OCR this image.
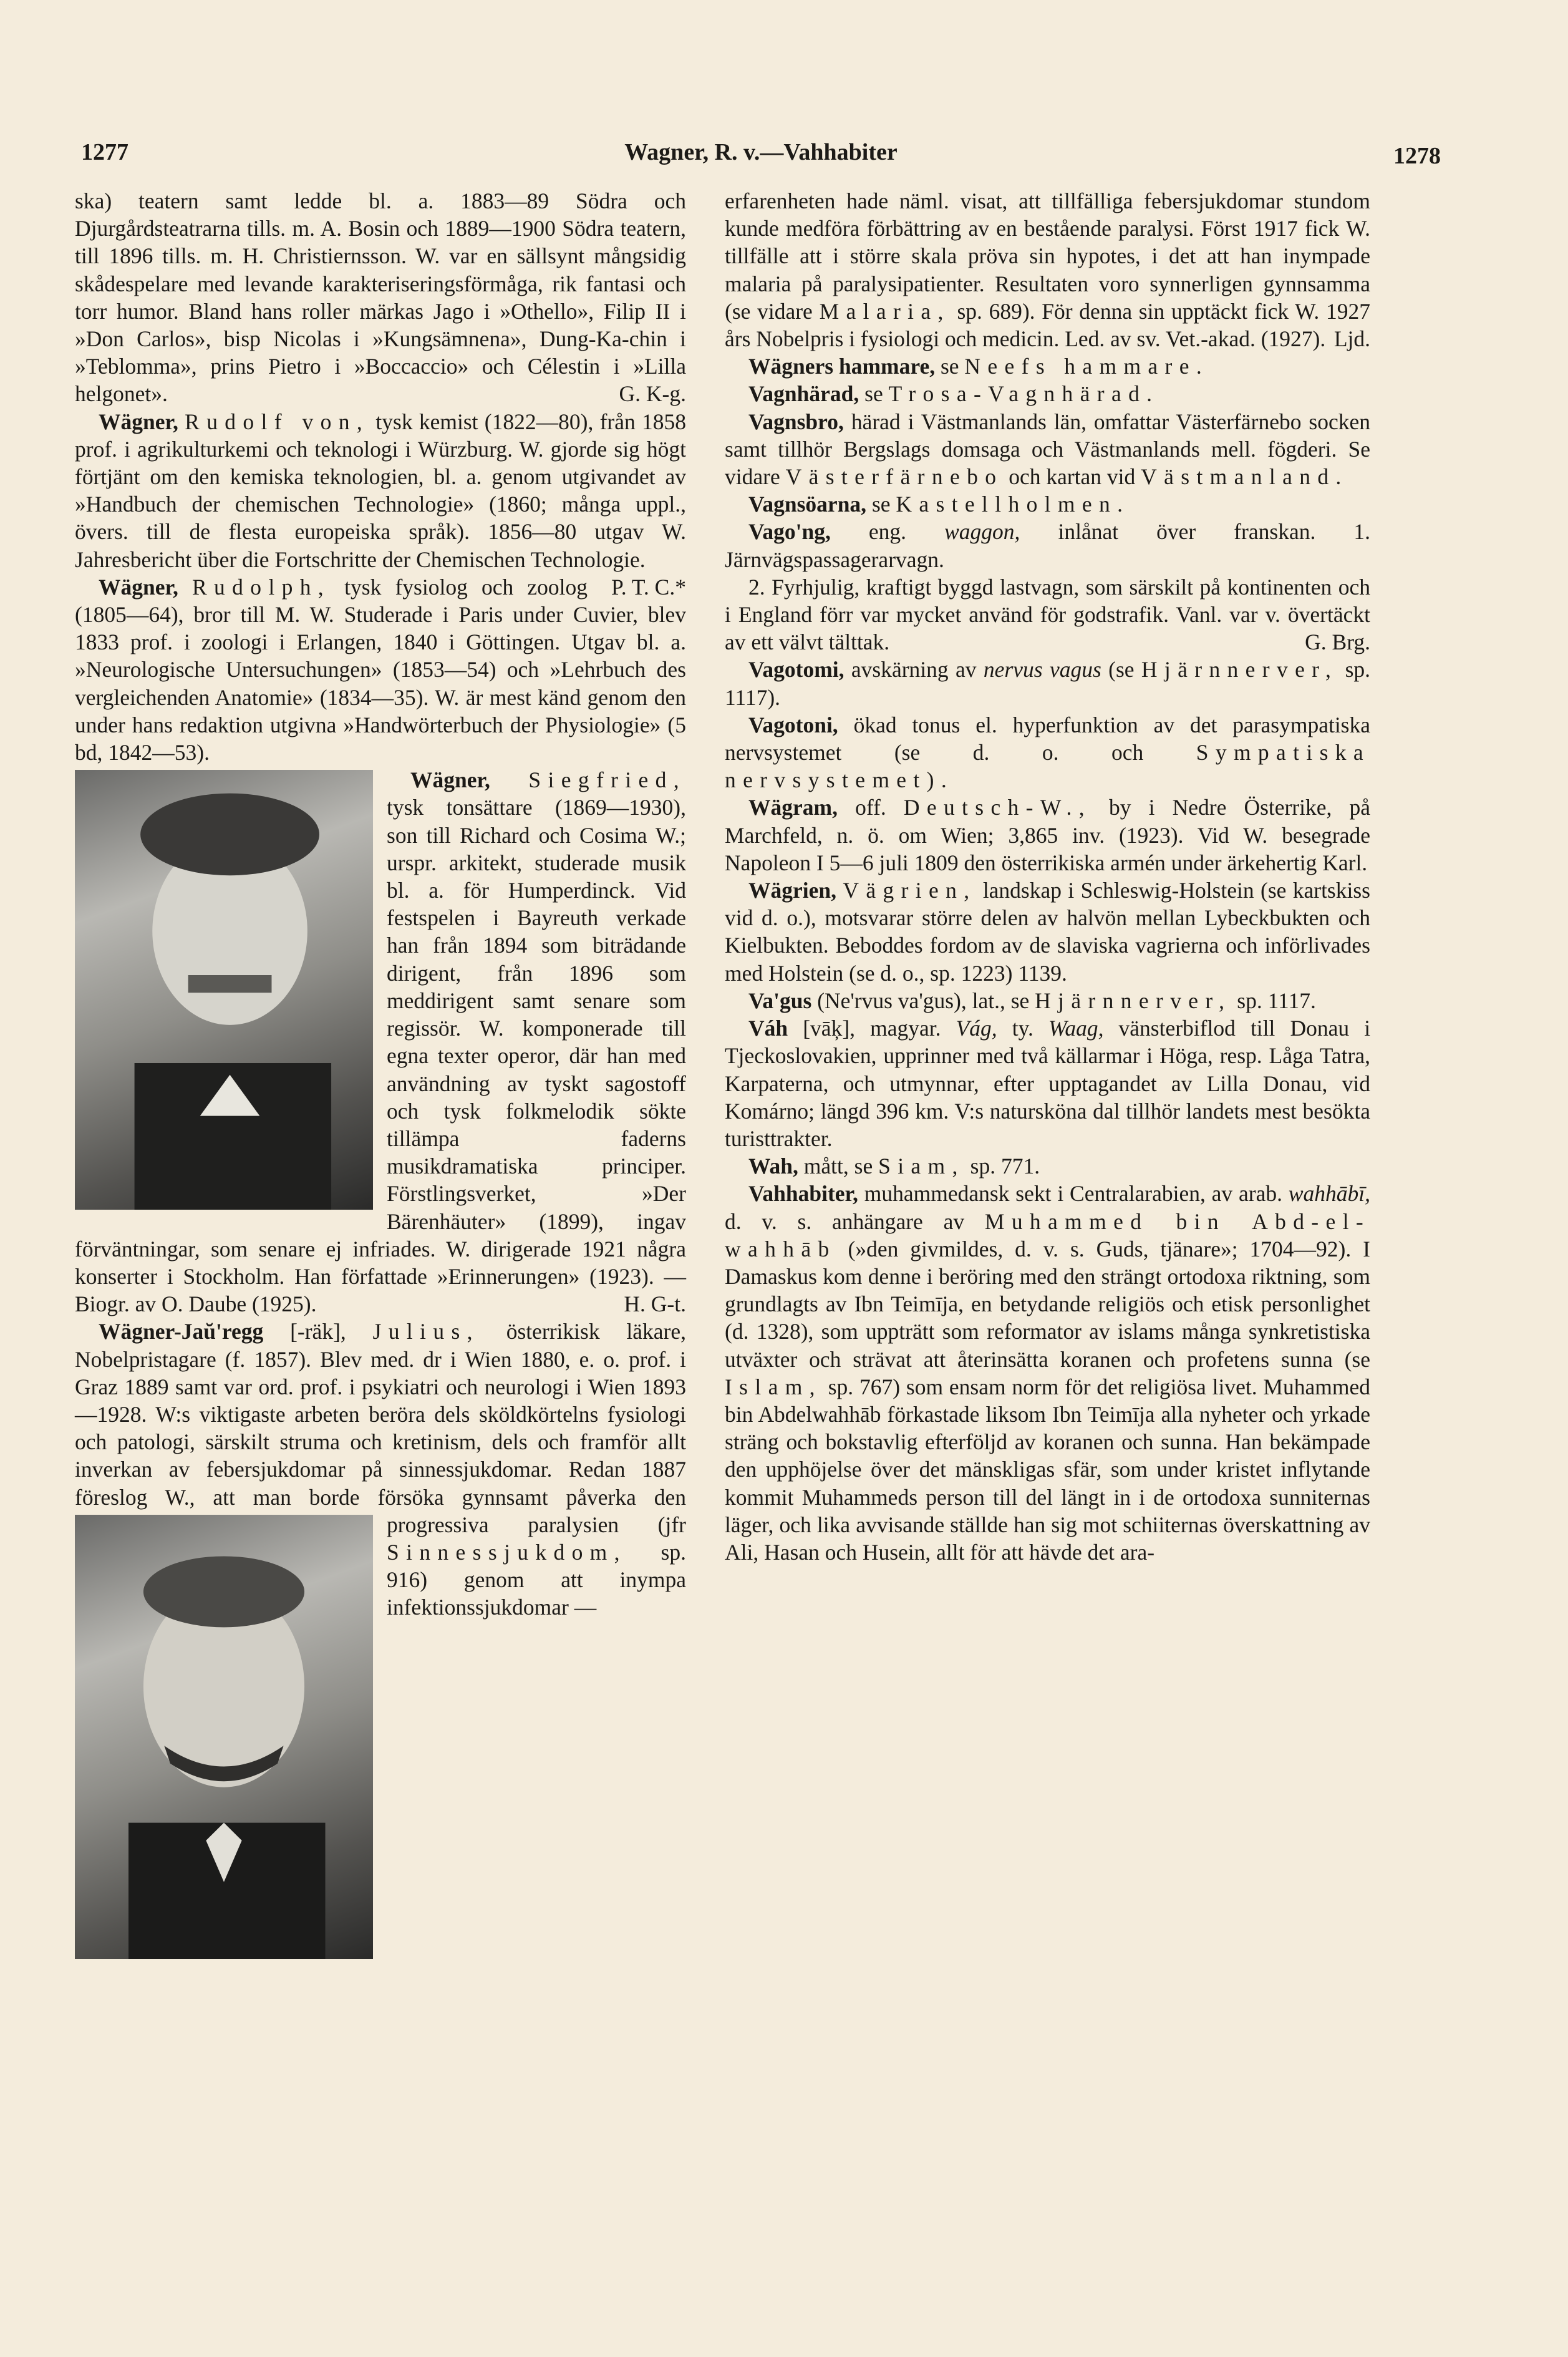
1277	Wagner, R. v.—Vahhabiter	1278

ska) teatern samt ledde bl. a. 1883—89 Södra och Djurgårdsteatrarna tills. m. A. Bosin och 1889—1900 Södra teatern, till 1896 tills. m. H. Christiernsson. W. var en sällsynt mångsidig skådespelare med levande karakteriseringsförmåga, rik fantasi och torr humor. Bland hans roller märkas Jago i »Othello», Filip II i »Don Carlos», bisp Nicolas i »Kungsämnena», Dung-Ka-chin i »Teblomma», prins Pietro i »Boccaccio» och Célestin i »Lilla helgonet».	G. K-g.

Wägner, Rudolf von, tysk kemist (1822—80), från 1858 prof. i agrikulturkemi och teknologi i Würzburg. W. gjorde sig högt förtjänt om den kemiska teknologien, bl. a. genom utgivandet av »Handbuch der chemischen Technologie» (1860; många uppl., övers. till de flesta europeiska språk). 1856—80 utgav W. Jahresbericht über die Fortschritte der Chemischen Technologie.
P. T. C.*

Wägner, Rudolph, tysk fysiolog och zoolog (1805—64), bror till M. W. Studerade i Paris under Cuvier, blev 1833 prof. i zoologi i Erlangen, 1840 i Göttingen. Utgav bl. a. »Neurologische Untersuchungen» (1853—54) och »Lehrbuch des vergleichenden Anatomie» (1834—35). W. är mest känd genom den under hans redaktion utgivna »Handwörterbuch der Physiologie» (5 bd, 1842—53).

Wägner, Siegfried,
tysk tonsättare (1869—1930), son till Richard och Cosima W.; urspr. arkitekt, studerade musik bl. a. för Humperdinck. Vid festspelen i Bayreuth verkade han från 1894 som biträdande dirigent, från 1896 som meddirigent samt senare som regissör. W. komponerade till egna texter operor, där han med användning av tyskt sagostoff och tysk folkmelodik sökte tillämpa faderns musikdramatiska principer. Förstlingsverket, »Der Bärenhäuter» (1899), ingav förväntningar, som senare ej infriades. W. dirigerade 1921 några konserter i Stockholm. Han författade »Erinnerungen» (1923). — Biogr. av O. Daube (1925).	H. G-t.

Wägner-Jaŭ'regg [-räk], Julius, österrikisk läkare, Nobelpristagare (f. 1857). Blev med. dr i Wien 1880, e. o. prof. i Graz 1889 samt var ord. prof. i psykiatri och neurologi i Wien 1893—1928. W:s viktigaste arbeten beröra dels sköldkörtelns fysiologi och patologi, särskilt struma och kretinism, dels och framför allt inverkan av febersjukdomar på sinnessjukdomar. Redan 1887 föreslog W., att man borde försöka gynnsamt påverka den progressiva paralysien (jfr
Sinnessjukdom, sp. 916) genom att inympa infektionssjukdomar —

erfarenheten hade näml. visat, att tillfälliga febersjukdomar stundom kunde medföra förbättring av en bestående paralysi. Först 1917 fick W. tillfälle att i större skala pröva sin hypotes, i det att han inympade malaria på paralysipatienter. Resultaten voro synnerligen gynnsamma (se vidare Malaria, sp. 689). För denna sin upptäckt fick W. 1927 års Nobelpris i fysiologi och medicin. Led. av sv. Vet.-akad. (1927). Ljd.

Wägners hammare, se Neefs hammare.

Vagnhärad, se Trosa-Vagnhärad.

Vagnsbro, härad i Västmanlands län, omfattar Västerfärnebo socken samt tillhör Bergslags domsaga och Västmanlands mell. fögderi. Se vidare Västerfärnebo och kartan vid Västmanland.

Vagnsöarna, se Kastellholmen.

Vago'ng, eng. waggon, inlånat över franskan. 1. Järnvägspassagerarvagn.

2. Fyrhjulig, kraftigt byggd lastvagn, som särskilt på kontinenten och i England förr var mycket använd för godstrafik. Vanl. var v. övertäckt av ett välvt tälttak.	G. Brg.

Vagotomi, avskärning av nervus vagus (se Hjärnnerver, sp. 1117).

Vagotoni, ökad tonus el. hyperfunktion av det parasympatiska nervsystemet (se d. o. och Sympatiska nervsystemet).

Wägram, off. Deutsch-W., by i Nedre Österrike, på Marchfeld, n. ö. om Wien; 3,865 inv. (1923). Vid W. besegrade Napoleon I 5—6 juli 1809 den österrikiska armén under ärkehertig Karl.

Wägrien, Vägrien, landskap i Schleswig-Holstein (se kartskiss vid d. o.), motsvarar större delen av halvön mellan Lybeckbukten och Kielbukten. Beboddes fordom av de slaviska vagrierna och införlivades med Holstein (se d. o., sp. 1223) 1139.

Va'gus (Ne'rvus va'gus), lat., se Hjärnnerver, sp. 1117.

Váh [vāķ], magyar. Vág, ty. Waag, vänsterbiflod till Donau i Tjeckoslovakien, upprinner med två källarmar i Höga, resp. Låga Tatra, Karpaterna, och utmynnar, efter upptagandet av Lilla Donau, vid Komárno; längd 396 km. V:s natursköna dal tillhör landets mest besökta turisttrakter.

Wah, mått, se Siam, sp. 771.

Vahhabiter, muhammedansk sekt i Centralarabien, av arab. wahhābī, d. v. s. anhängare av Muhammed bin Abd-el-wahhāb (»den givmildes, d. v. s. Guds, tjänare»; 1704—92). I Damaskus kom denne i beröring med den strängt ortodoxa riktning, som grundlagts av Ibn Teimīja, en betydande religiös och etisk personlighet (d. 1328), som uppträtt som reformator av islams många synkretistiska utväxter och strävat att återinsätta koranen och profetens sunna (se Islam, sp. 767) som ensam norm för det religiösa livet. Muhammed bin Abdelwahhāb förkastade liksom Ibn Teimīja alla nyheter och yrkade sträng och bokstavlig efterföljd av koranen och sunna. Han bekämpade den upphöjelse över det mänskligas sfär, som under kristet inflytande kommit Muhammeds person till del längt in i de ortodoxa sunniternas läger, och lika avvisande ställde han sig mot schiiternas överskattning av Ali, Hasan och Husein, allt för att hävde det ara-
